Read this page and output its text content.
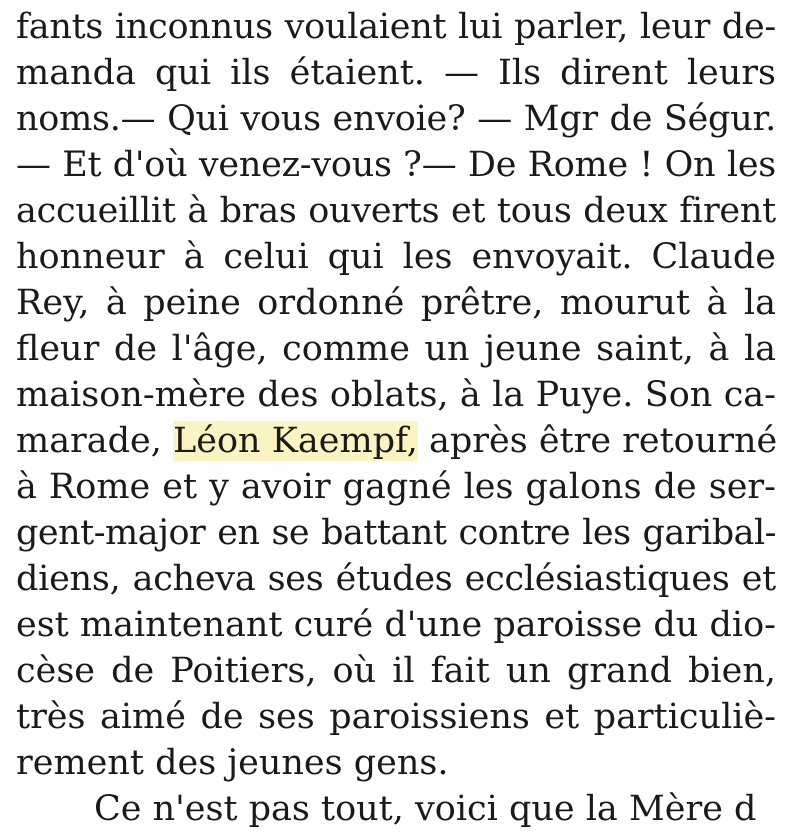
fants inconnus voulaient lui parler, leur de-
manda qui ils étaient. — Ils dirent leurs
noms.— Qui vous envoie? — Mgr de Ségur.
— Et d'où venez-vous ?— De Rome ! On les
accueillit à bras ouverts et tous deux firent
honneur à celui qui les envoyait. Claude
Rey, à peine ordonné prêtre, mourut à la
fleur de l'âge, comme un jeune saint, à la
maison-mère des oblats, à la Puye. Son ca-
marade, Léon Kaempf, après être retourné
à Rome et y avoir gagné les galons de ser-
gent-major en se battant contre les garibal-
diens, acheva ses études ecclésiastiques et
est maintenant curé d'une paroisse du dio-
cèse de Poitiers, où il fait un grand bien,
très aimé de ses paroissiens et particuliè-
rement des jeunes gens.
Ce n'est pas tout, voici que la Mère d
